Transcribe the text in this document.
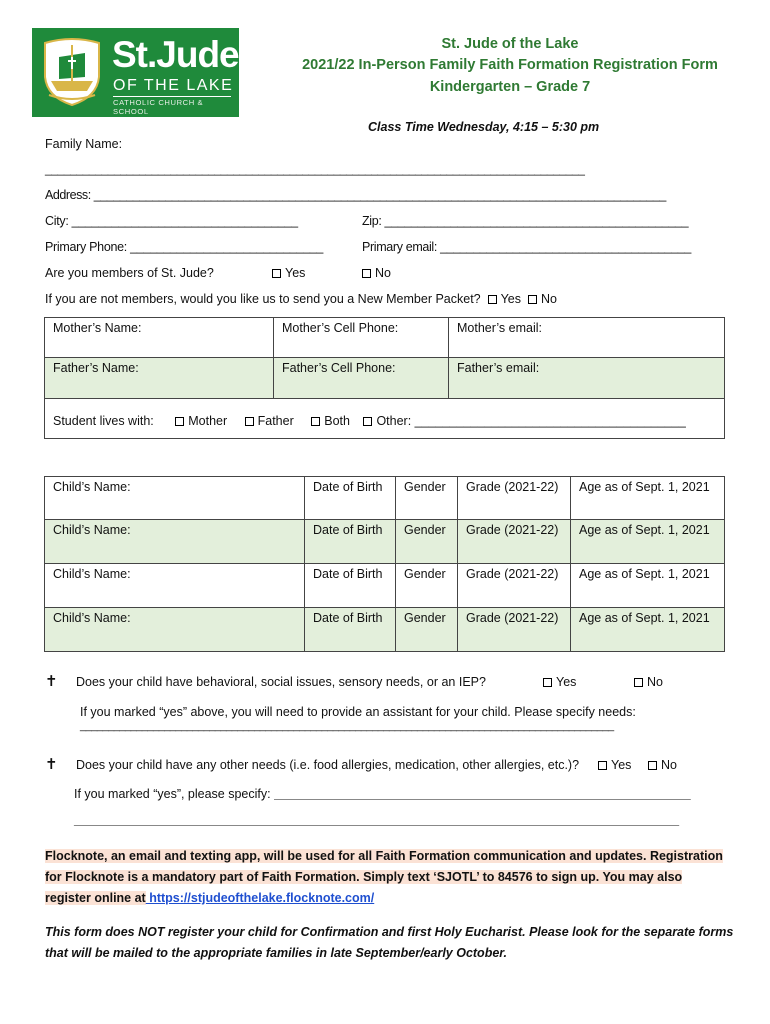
St.Jude
OF THE LAKE
CATHOLIC CHURCH & SCHOOL
St. Jude of the Lake
2021/22 In-Person Family Faith Formation Registration Form
Kindergarten – Grade 7
Class Time Wednesday, 4:15 – 5:30 pm
Family Name:
______________________________________________________________________________________
Address: ________________________________________________________________________________________
City: __________________________________	Zip: ______________________________________________
Primary Phone: _____________________________	Primary email: ______________________________________
Are you members of St. Jude?	Yes	No
If you are not members, would you like us to send you a New Member Packet? Yes No
Mother’s Name:	Mother’s Cell Phone:	Mother’s email:
Father’s Name:	Father’s Cell Phone:	Father’s email:
Student lives with: Mother Father Both Other: _______________________________________		
Child’s Name:	Date of Birth	Gender	Grade (2021-22)	Age as of Sept. 1, 2021
Child’s Name:	Date of Birth	Gender	Grade (2021-22)	Age as of Sept. 1, 2021
Child’s Name:	Date of Birth	Gender	Grade (2021-22)	Age as of Sept. 1, 2021
Child’s Name:	Date of Birth	Gender	Grade (2021-22)	Age as of Sept. 1, 2021
✝ Does your child have behavioral, social issues, sensory needs, or an IEP?	Yes	No
If you marked “yes” above, you will need to provide an assistant for your child. Please specify needs:
_______________________________________________________________________________________________
✝ Does your child have any other needs (i.e. food allergies, medication, other allergies, etc.)?	Yes	No
If you marked “yes”, please specify: ________________________________________________________________
_____________________________________________________________________________________________
Flocknote, an email and texting app, will be used for all Faith Formation communication and updates. Registration for Flocknote is a mandatory part of Faith Formation. Simply text ‘SJOTL’ to 84576 to sign up. You may also register online at https://stjudeofthelake.flocknote.com/
This form does NOT register your child for Confirmation and first Holy Eucharist. Please look for the separate forms that will be mailed to the appropriate families in late September/early October.
